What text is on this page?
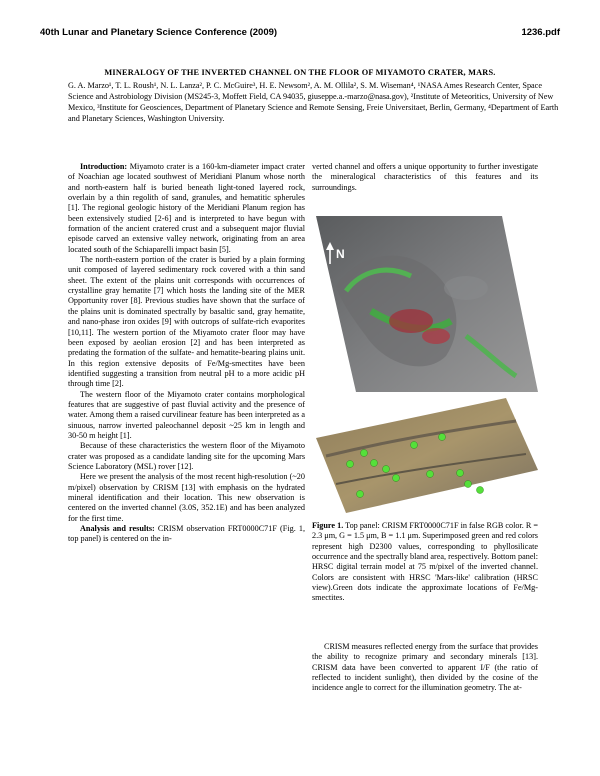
40th Lunar and Planetary Science Conference (2009)	1236.pdf
MINERALOGY OF THE INVERTED CHANNEL ON THE FLOOR OF MIYAMOTO CRATER, MARS.
G. A. Marzo¹, T. L. Roush¹, N. L. Lanza², P. C. McGuire³, H. E. Newsom², A. M. Ollila², S. M. Wiseman⁴, ¹NASA Ames Research Center, Space Science and Astrobiology Division (MS245-3, Moffett Field, CA 94035, giuseppe.a.-marzo@nasa.gov), ²Institute of Meteoritics, University of New Mexico, ³Institute for Geosciences, Department of Planetary Science and Remote Sensing, Freie Universitaet, Berlin, Germany, ⁴Department of Earth and Planetary Sciences, Washington University.

Introduction: Miyamoto crater is a 160-km-diameter impact crater of Noachian age located southwest of Meridiani Planum whose north and north-eastern half is buried beneath light-toned layered rock, overlain by a thin regolith of sand, granules, and hematitic spherules [1]. The regional geologic history of the Meridiani Planum region has been extensively studied [2-6] and is interpreted to have begun with formation of the ancient cratered crust and a subsequent major fluvial episode carved an extensive valley network, originating from an area located south of the Schiaparelli impact basin [5].

The north-eastern portion of the crater is buried by a plain forming unit composed of layered sedimentary rock covered with a thin sand sheet. The extent of the plains unit corresponds with occurrences of crystalline gray hematite [7] which hosts the landing site of the MER Opportunity rover [8]. Previous studies have shown that the surface of the plains unit is dominated spectrally by basaltic sand, gray hematite, and nano-phase iron oxides [9] with outcrops of sulfate-rich evaporites [10,11]. The western portion of the Miyamoto crater floor may have been exposed by aeolian erosion [2] and has been interpreted as predating the formation of the sulfate- and hematite-bearing plains unit. In this region extensive deposits of Fe/Mg-smectites have been identified suggesting a transition from neutral pH to a more acidic pH through time [2].

The western floor of the Miyamoto crater contains morphological features that are suggestive of past fluvial activity and the presence of water. Among them a raised curvilinear feature has been interpreted as a sinuous, narrow inverted paleochannel deposit ~25 km in length and 30-50 m height [1].

Because of these characteristics the western floor of the Miyamoto crater was proposed as a candidate landing site for the upcoming Mars Science Laboratory (MSL) rover [12].

Here we present the analysis of the most recent high-resolution (~20 m/pixel) observation by CRISM [13] with emphasis on the hydrated mineral identification and their location. This new observation is centered on the inverted channel (3.0S, 352.1E) and has been analyzed for the first time.

Analysis and results: CRISM observation FRT0000C71F (Fig. 1, top panel) is centered on the in-

verted channel and offers a unique opportunity to further investigate the mineralogical characteristics of this features and its surroundings.
N
N
Figure 1. Top panel: CRISM FRT0000C71F in false RGB color. R = 2.3 μm, G = 1.5 μm, B = 1.1 μm. Superimposed green and red colors represent high D2300 values, corresponding to phyllosilicate occurrence and the spectrally bland area, respectively. Bottom panel: HRSC digital terrain model at 75 m/pixel of the inverted channel. Colors are consistent with HRSC 'Mars-like' calibration (HRSC view).Green dots indicate the approximate locations of Fe/Mg-smectites.

CRISM measures reflected energy from the surface that provides the ability to recognize primary and secondary minerals [13]. CRISM data have been converted to apparent I/F (the ratio of reflected to incident sunlight), then divided by the cosine of the incidence angle to correct for the illumination geometry. The at-
